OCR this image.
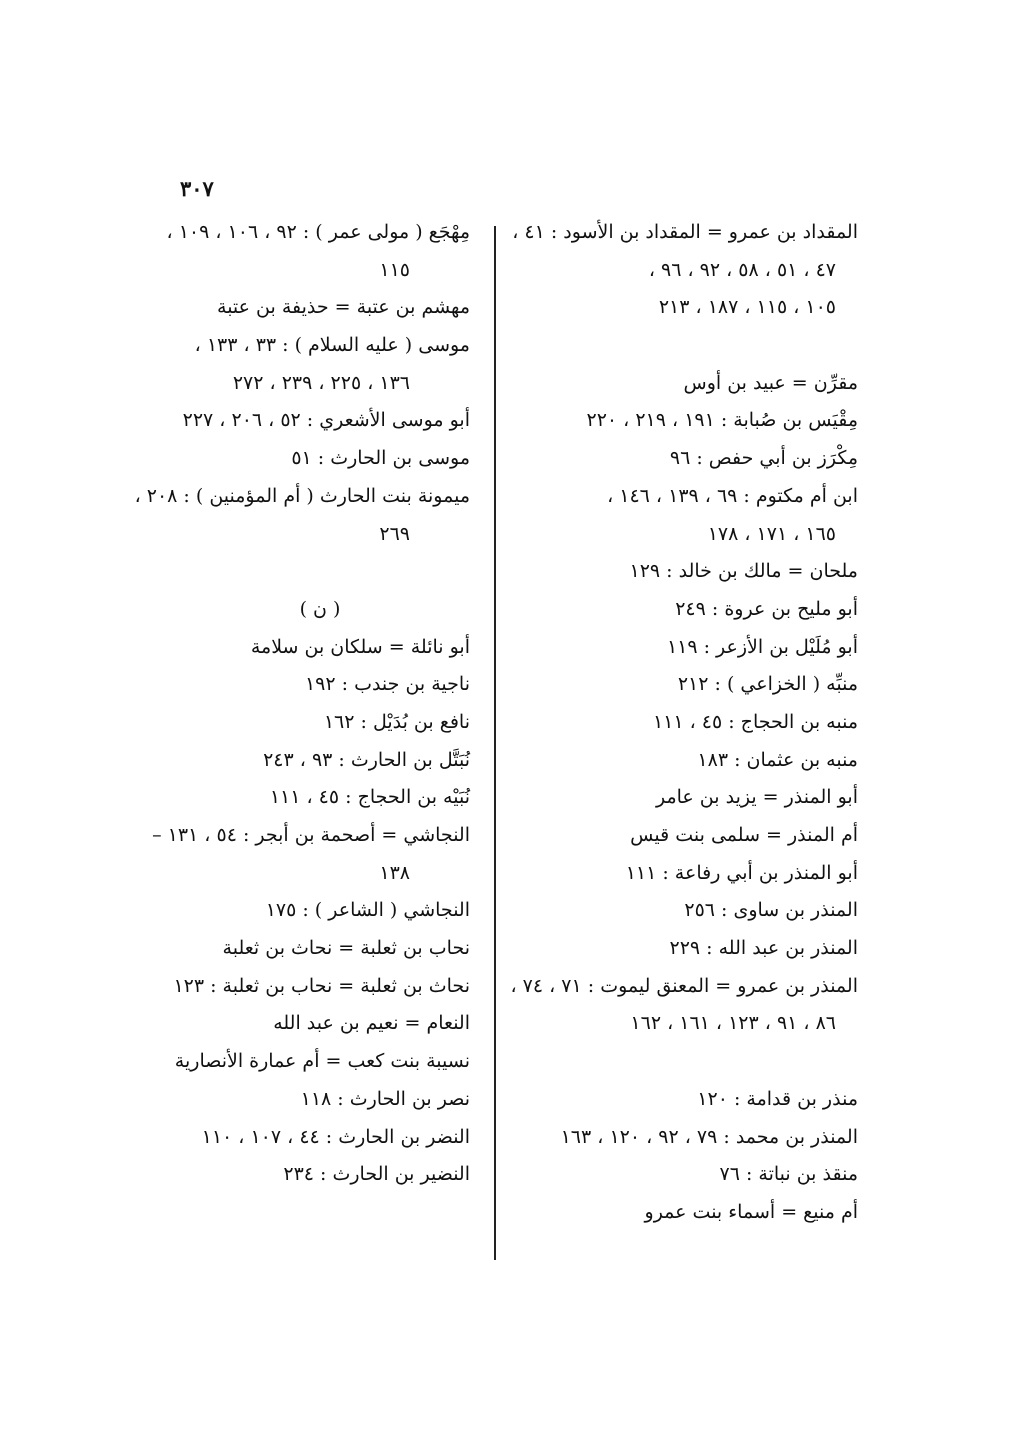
٣٠٧
المقداد بن عمرو = المقداد بن الأسود : ٤١ ،
٤٧ ، ٥١ ، ٥٨ ، ٩٢ ، ٩٦ ،
١٠٥ ، ١١٥ ، ١٨٧ ، ٢١٣
مقرِّن = عبيد بن أوس
مِقْيَس بن صُبابة : ١٩١ ، ٢١٩ ، ٢٢٠
مِكْرَز بن أبي حفص : ٩٦
ابن أم مكتوم : ٦٩ ، ١٣٩ ، ١٤٦ ،
١٦٥ ، ١٧١ ، ١٧٨
ملحان = مالك بن خالد : ١٢٩
أبو مليح بن عروة : ٢٤٩
أبو مُلَيْل بن الأزعر : ١١٩
منبِّه ( الخزاعي ) : ٢١٢
منبه بن الحجاج : ٤٥ ، ١١١
منبه بن عثمان : ١٨٣
أبو المنذر = يزيد بن عامر
أم المنذر = سلمى بنت قيس
أبو المنذر بن أبي رفاعة : ١١١
المنذر بن ساوى : ٢٥٦
المنذر بن عبد الله : ٢٢٩
المنذر بن عمرو = المعنق ليموت : ٧١ ، ٧٤ ،
٨٦ ، ٩١ ، ١٢٣ ، ١٦١ ، ١٦٢
منذر بن قدامة : ١٢٠
المنذر بن محمد : ٧٩ ، ٩٢ ، ١٢٠ ، ١٦٣
منقذ بن نباتة : ٧٦
أم منيع = أسماء بنت عمرو
مِهْجَع ( مولى عمر ) : ٩٢ ، ١٠٦ ، ١٠٩ ،
١١٥
مهشم بن عتبة = حذيفة بن عتبة
موسى ( عليه السلام ) : ٣٣ ، ١٣٣ ،
١٣٦ ، ٢٢٥ ، ٢٣٩ ، ٢٧٢
أبو موسى الأشعري : ٥٢ ، ٢٠٦ ، ٢٢٧
موسى بن الحارث : ٥١
ميمونة بنت الحارث ( أم المؤمنين ) : ٢٠٨ ،
٢٦٩
( ن )
أبو نائلة = سلكان بن سلامة
ناجية بن جندب : ١٩٢
نافع بن بُدَيْل : ١٦٢
نُبَتَّل بن الحارث : ٩٣ ، ٢٤٣
نُبَيْه بن الحجاج : ٤٥ ، ١١١
النجاشي = أصحمة بن أبجر : ٥٤ ، ١٣١ –
١٣٨
النجاشي ( الشاعر ) : ١٧٥
نحاب بن ثعلبة = نحاث بن ثعلبة
نحاث بن ثعلبة = نحاب بن ثعلبة : ١٢٣
النعام = نعيم بن عبد الله
نسيبة بنت كعب = أم عمارة الأنصارية
نصر بن الحارث : ١١٨
النضر بن الحارث : ٤٤ ، ١٠٧ ، ١١٠
النضير بن الحارث : ٢٣٤
